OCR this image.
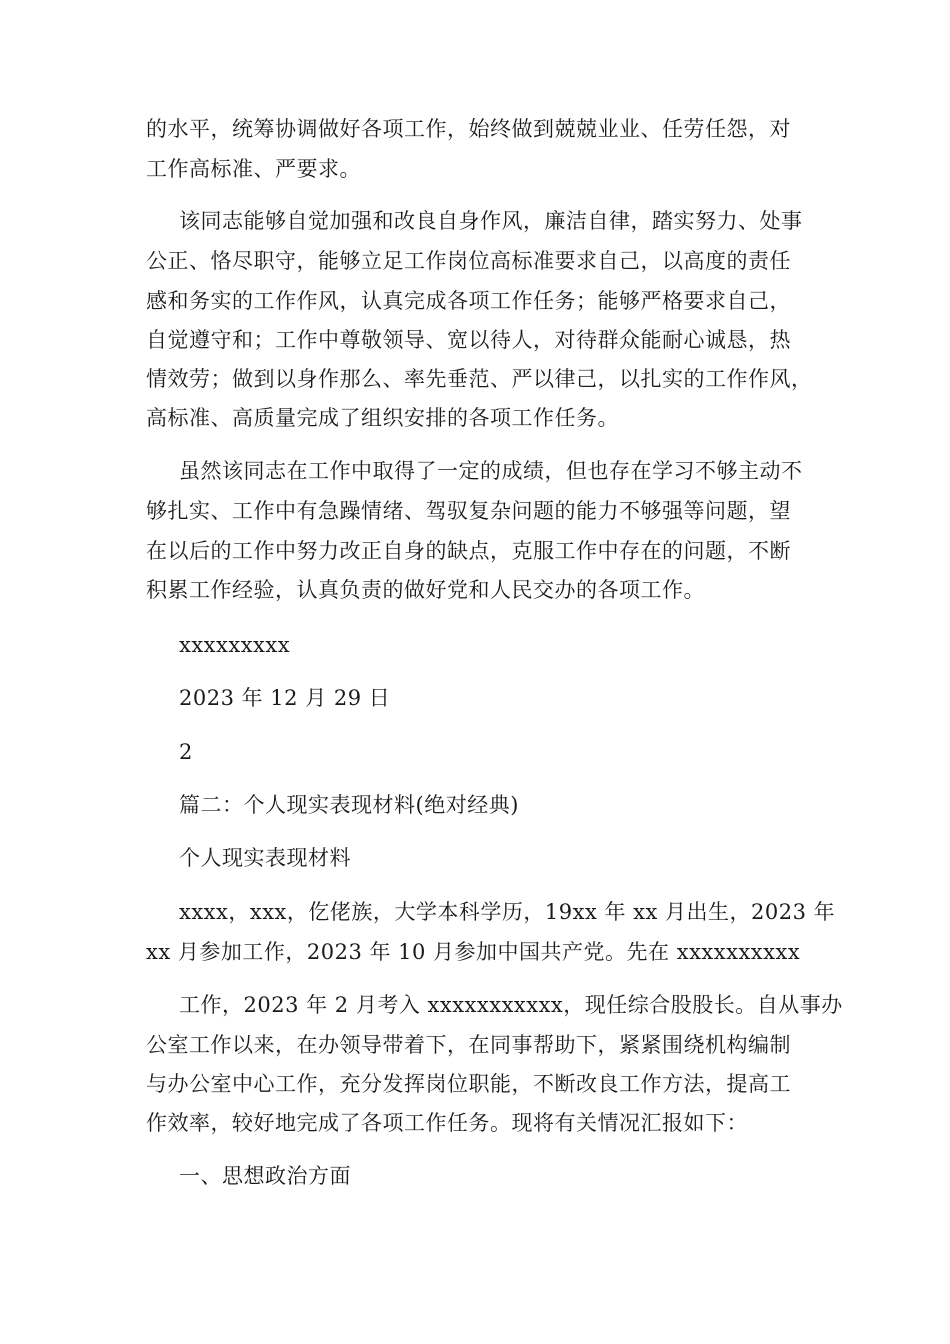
的水平，统筹协调做好各项工作，始终做到兢兢业业、任劳任怨，对
工作高标准、严要求。
该同志能够自觉加强和改良自身作风，廉洁自律，踏实努力、处事
公正、恪尽职守，能够立足工作岗位高标准要求自己，以高度的责任
感和务实的工作作风，认真完成各项工作任务；能够严格要求自己，
自觉遵守和；工作中尊敬领导、宽以待人，对待群众能耐心诚恳，热
情效劳；做到以身作那么、率先垂范、严以律己，以扎实的工作作风，
高标准、高质量完成了组织安排的各项工作任务。
虽然该同志在工作中取得了一定的成绩，但也存在学习不够主动不
够扎实、工作中有急躁情绪、驾驭复杂问题的能力不够强等问题，望
在以后的工作中努力改正自身的缺点，克服工作中存在的问题，不断
积累工作经验，认真负责的做好党和人民交办的各项工作。
xxxxxxxxx
2023 年 12 月 29 日
2
篇二：个人现实表现材料(绝对经典)
个人现实表现材料
xxxx，xxx，仡佬族，大学本科学历，19xx 年 xx 月出生，2023 年
xx 月参加工作，2023 年 10 月参加中国共产党。先在 xxxxxxxxxx
工作，2023 年 2 月考入 xxxxxxxxxxx，现任综合股股长。自从事办
公室工作以来，在办领导带着下，在同事帮助下，紧紧围绕机构编制
与办公室中心工作，充分发挥岗位职能，不断改良工作方法，提高工
作效率，较好地完成了各项工作任务。现将有关情况汇报如下：
一、思想政治方面
